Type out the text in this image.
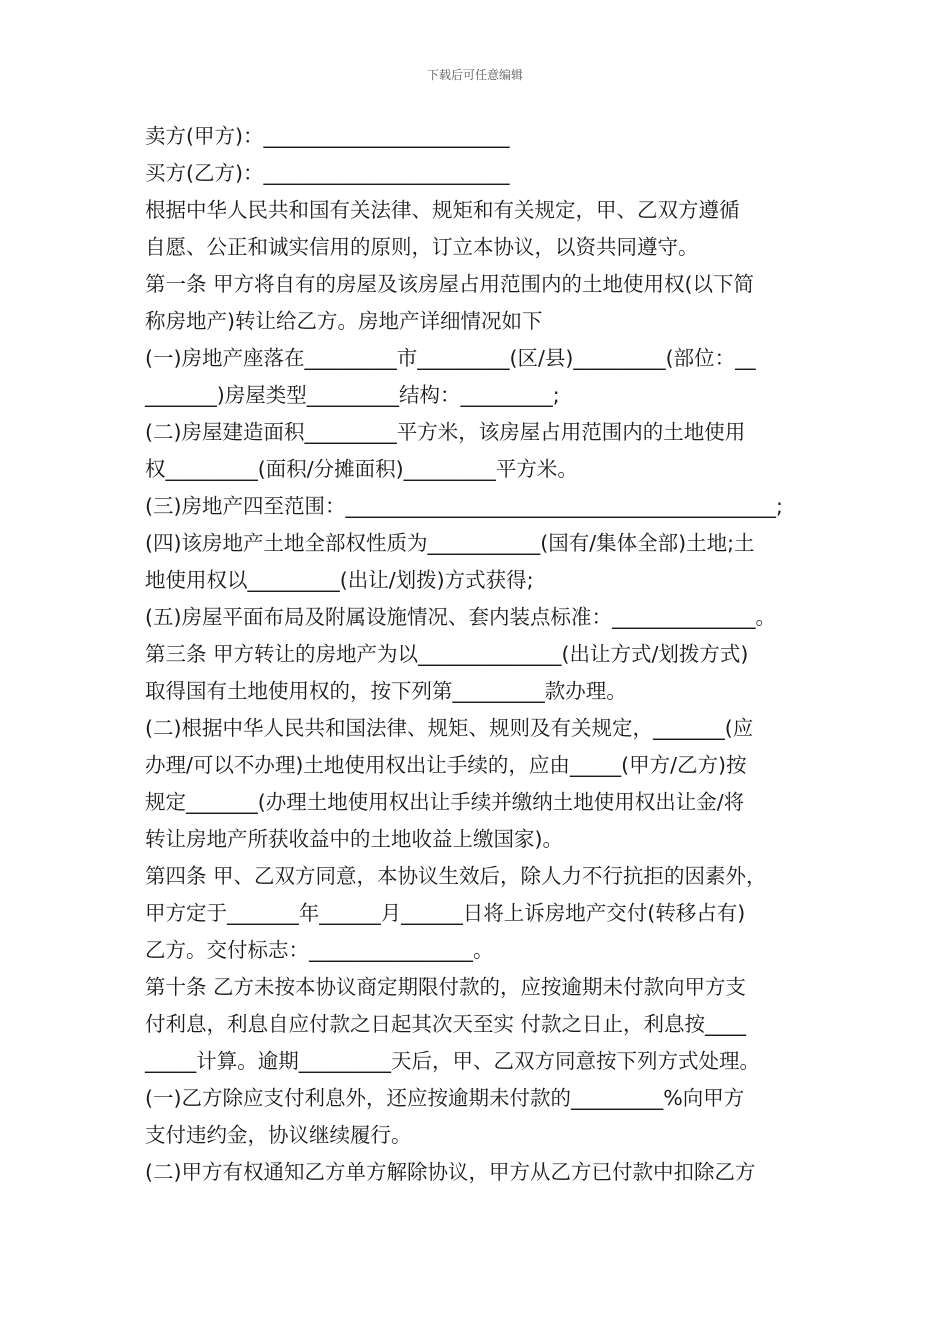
下载后可任意编辑
卖方(甲方)：________________________
买方(乙方)：________________________
根据中华人民共和国有关法律、规矩和有关规定，甲、乙双方遵循
自愿、公正和诚实信用的原则，订立本协议，以资共同遵守。
第一条 甲方将自有的房屋及该房屋占用范围内的土地使用权(以下简
称房地产)转让给乙方。房地产详细情况如下
(一)房地产座落在_________市_________(区/县)_________(部位：__
_______)房屋类型_________结构：_________;
(二)房屋建造面积_________平方米，该房屋占用范围内的土地使用
权_________(面积/分摊面积)_________平方米。
(三)房地产四至范围：__________________________________________;
(四)该房地产土地全部权性质为___________(国有/集体全部)土地;土
地使用权以_________(出让/划拨)方式获得;
(五)房屋平面布局及附属设施情况、套内装点标准：______________。
第三条 甲方转让的房地产为以______________(出让方式/划拨方式)
取得国有土地使用权的，按下列第_________款办理。
(二)根据中华人民共和国法律、规矩、规则及有关规定，_______(应
办理/可以不办理)土地使用权出让手续的，应由_____(甲方/乙方)按
规定_______(办理土地使用权出让手续并缴纳土地使用权出让金/将
转让房地产所获收益中的土地收益上缴国家)。
第四条 甲、乙双方同意，本协议生效后，除人力不行抗拒的因素外，
甲方定于_______年______月______日将上诉房地产交付(转移占有)
乙方。交付标志：________________。
第十条 乙方未按本协议商定期限付款的，应按逾期未付款向甲方支
付利息，利息自应付款之日起其次天至实 付款之日止，利息按____
_____计算。逾期_________天后，甲、乙双方同意按下列方式处理。
(一)乙方除应支付利息外，还应按逾期未付款的_________%向甲方
支付违约金，协议继续履行。
(二)甲方有权通知乙方单方解除协议，甲方从乙方已付款中扣除乙方
